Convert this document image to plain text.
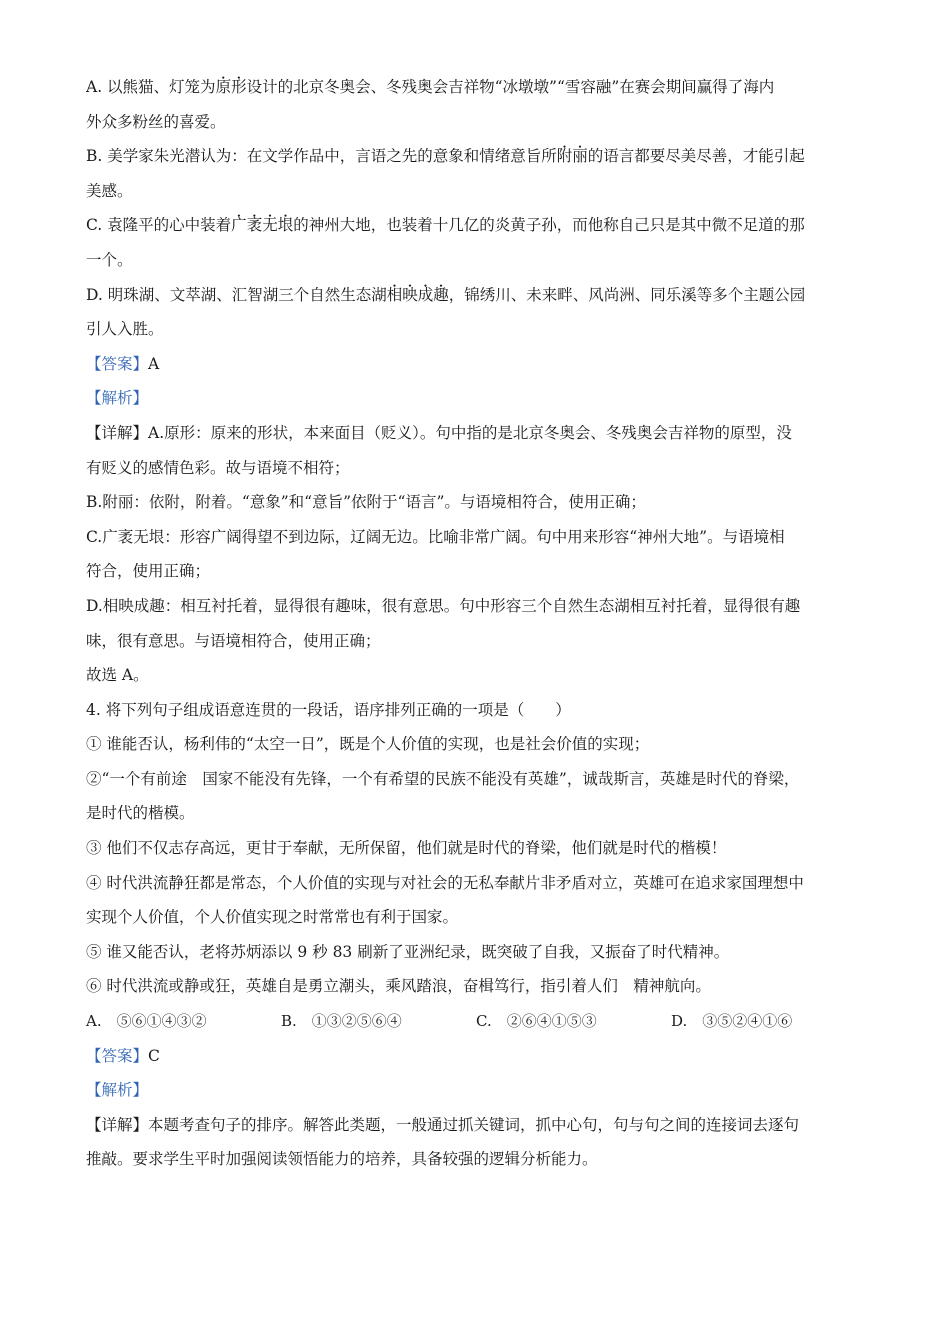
A. 以熊猫、灯笼为・ 原・ 形设计的北京冬奥会、冬残奥会吉祥物“冰墩墩”“雪容融”在赛会期间赢得了海内
外众多粉丝的喜爱。
B. 美学家朱光潜认为：在文学作品中，言语之先的意象和情绪意旨所・ 附・ 丽的语言都要尽美尽善，才能引起
美感。
C. 袁隆平的心中装着・ 广・ 袤・ 无・ 垠的神州大地，也装着十几亿的炎黄子孙，而他称自己只是其中微不足道的那
一个。
D. 明珠湖、文萃湖、汇智湖三个自然生态湖・ 相・ 映・ 成・ 趣，锦绣川、未来畔、风尚洲、同乐溪等多个主题公园
引人入胜。
【答案】A
【解析】
【详解】A.原形：原来的形状，本来面目（贬义）。句中指的是北京冬奥会、冬残奥会吉祥物的原型，没
有贬义的感情色彩。故与语境不相符；
B.附丽：依附，附着。“意象”和“意旨”依附于“语言”。与语境相符合，使用正确；
C.广袤无垠：形容广阔得望不到边际，辽阔无边。比喻非常广阔。句中用来形容“神州大地”。与语境相
符合，使用正确；
D.相映成趣：相互衬托着，显得很有趣味，很有意思。句中形容三个自然生态湖相互衬托着，显得很有趣
味，很有意思。与语境相符合，使用正确；
故选 A。
4. 将下列句子组成语意连贯的一段话，语序排列正确的一项是（　　）
① 谁能否认，杨利伟的“太空一日”，既是个人价值的实现，也是社会价值的实现；
②“一个有前途　国家不能没有先锋，一个有希望的民族不能没有英雄”，诚哉斯言，英雄是时代的脊梁，
是时代的楷模。
③ 他们不仅志存高远，更甘于奉献，无所保留，他们就是时代的脊梁，他们就是时代的楷模！
④ 时代洪流静狂都是常态，个人价值的实现与对社会的无私奉献片非矛盾对立，英雄可在追求家国理想中
实现个人价值，个人价值实现之时常常也有利于国家。
⑤ 谁又能否认，老将苏炳添以 9 秒 83 刷新了亚洲纪录，既突破了自我，又振奋了时代精神。
⑥ 时代洪流或静或狂，英雄自是勇立潮头，乘风踏浪，奋楫笃行，指引着人们　精神航向。
A.　⑤⑥①④③②	B.　①③②⑤⑥④	C.　②⑥④①⑤③	D.　③⑤②④①⑥
【答案】C
【解析】
【详解】本题考查句子的排序。解答此类题，一般通过抓关键词，抓中心句，句与句之间的连接词去逐句
推敲。要求学生平时加强阅读领悟能力的培养，具备较强的逻辑分析能力。
